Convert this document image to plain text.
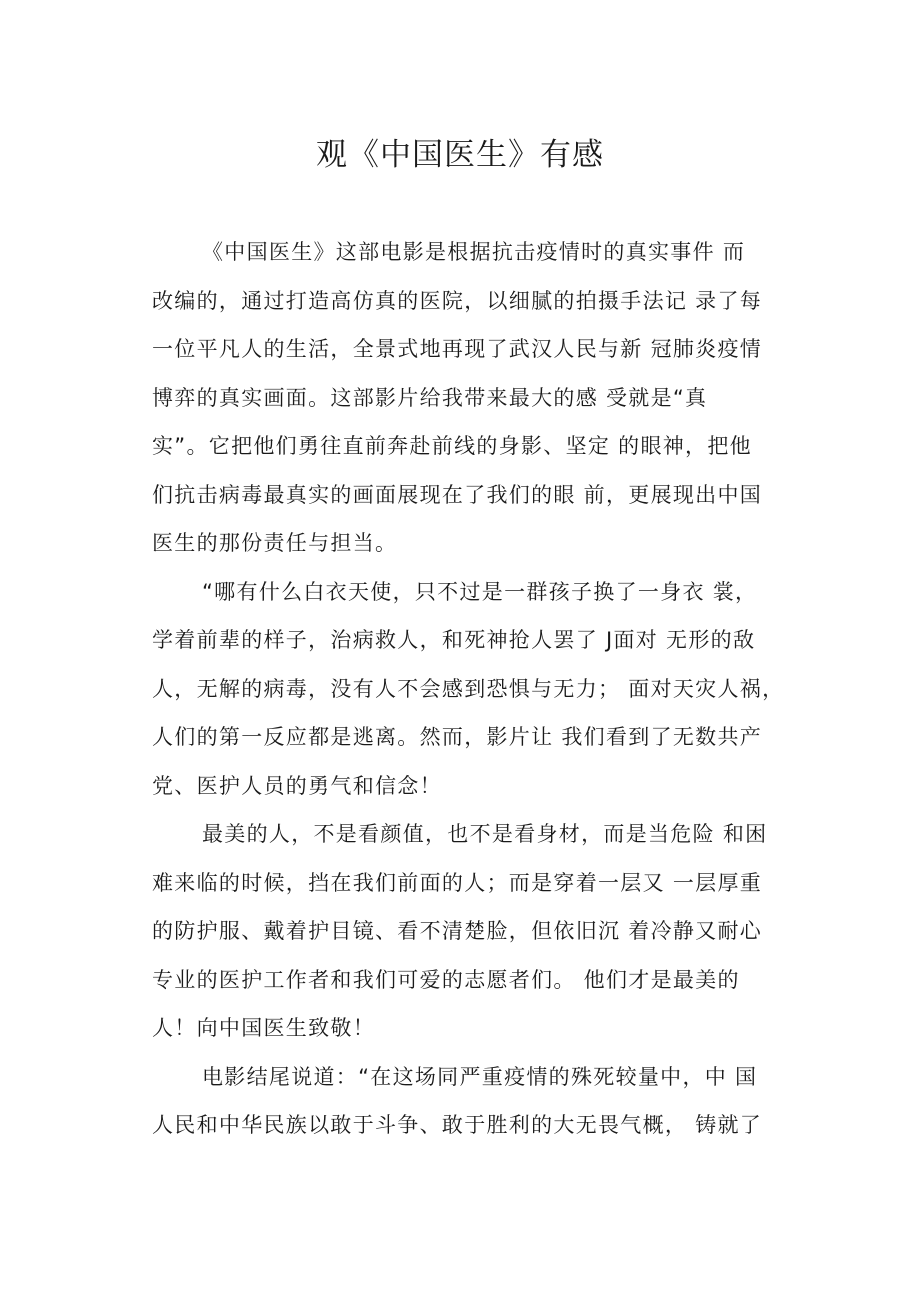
观《中国医生》有感
《中国医生》这部电影是根据抗击疫情时的真实事件 而
改编的，通过打造高仿真的医院，以细腻的拍摄手法记 录了每
一位平凡人的生活，全景式地再现了武汉人民与新 冠肺炎疫情
博弈的真实画面。这部影片给我带来最大的感 受就是“真
实”。它把他们勇往直前奔赴前线的身影、坚定 的眼神，把他
们抗击病毒最真实的画面展现在了我们的眼 前，更展现出中国
医生的那份责任与担当。
“哪有什么白衣天使，只不过是一群孩子换了一身衣 裳，
学着前辈的样子，治病救人，和死神抢人罢了 J面对 无形的敌
人，无解的病毒，没有人不会感到恐惧与无力； 面对天灾人祸，
人们的第一反应都是逃离。然而，影片让 我们看到了无数共产
党、医护人员的勇气和信念！
最美的人，不是看颜值，也不是看身材，而是当危险 和困
难来临的时候，挡在我们前面的人；而是穿着一层又 一层厚重
的防护服、戴着护目镜、看不清楚脸，但依旧沉 着冷静又耐心
专业的医护工作者和我们可爱的志愿者们。 他们才是最美的
人！向中国医生致敬！
电影结尾说道：“在这场同严重疫情的殊死较量中，中 国
人民和中华民族以敢于斗争、敢于胜利的大无畏气概， 铸就了
